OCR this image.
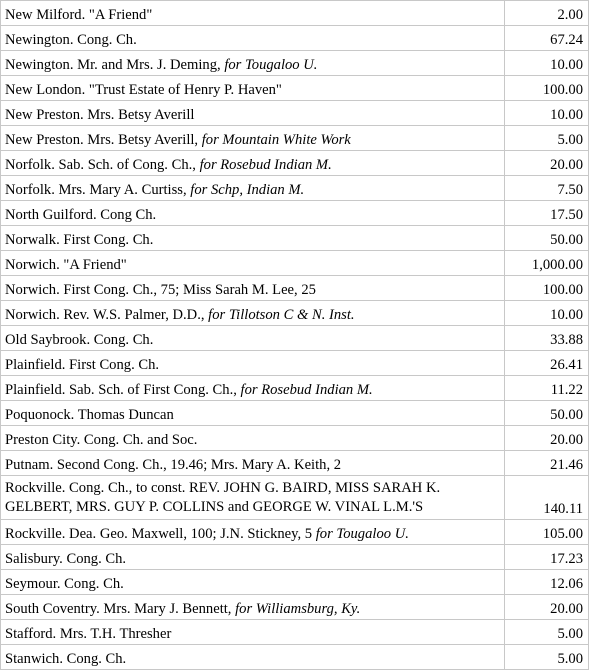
New Milford. "A Friend"	2.00
Newington. Cong. Ch.	67.24
Newington. Mr. and Mrs. J. Deming, for Tougaloo U.	10.00
New London. "Trust Estate of Henry P. Haven"	100.00
New Preston. Mrs. Betsy Averill	10.00
New Preston. Mrs. Betsy Averill, for Mountain White Work	5.00
Norfolk. Sab. Sch. of Cong. Ch., for Rosebud Indian M.	20.00
Norfolk. Mrs. Mary A. Curtiss, for Schp, Indian M.	7.50
North Guilford. Cong Ch.	17.50
Norwalk. First Cong. Ch.	50.00
Norwich. "A Friend"	1,000.00
Norwich. First Cong. Ch., 75; Miss Sarah M. Lee, 25	100.00
Norwich. Rev. W.S. Palmer, D.D., for Tillotson C & N. Inst.	10.00
Old Saybrook. Cong. Ch.	33.88
Plainfield. First Cong. Ch.	26.41
Plainfield. Sab. Sch. of First Cong. Ch., for Rosebud Indian M.	11.22
Poquonock. Thomas Duncan	50.00
Preston City. Cong. Ch. and Soc.	20.00
Putnam. Second Cong. Ch., 19.46; Mrs. Mary A. Keith, 2	21.46
Rockville. Cong. Ch., to const. REV. JOHN G. BAIRD, MISS SARAH K. GELBERT, MRS. GUY P. COLLINS and GEORGE W. VINAL L.M.'S	140.11
Rockville. Dea. Geo. Maxwell, 100; J.N. Stickney, 5 for Tougaloo U.	105.00
Salisbury. Cong. Ch.	17.23
Seymour. Cong. Ch.	12.06
South Coventry. Mrs. Mary J. Bennett, for Williamsburg, Ky.	20.00
Stafford. Mrs. T.H. Thresher	5.00
Stanwich. Cong. Ch.	5.00
